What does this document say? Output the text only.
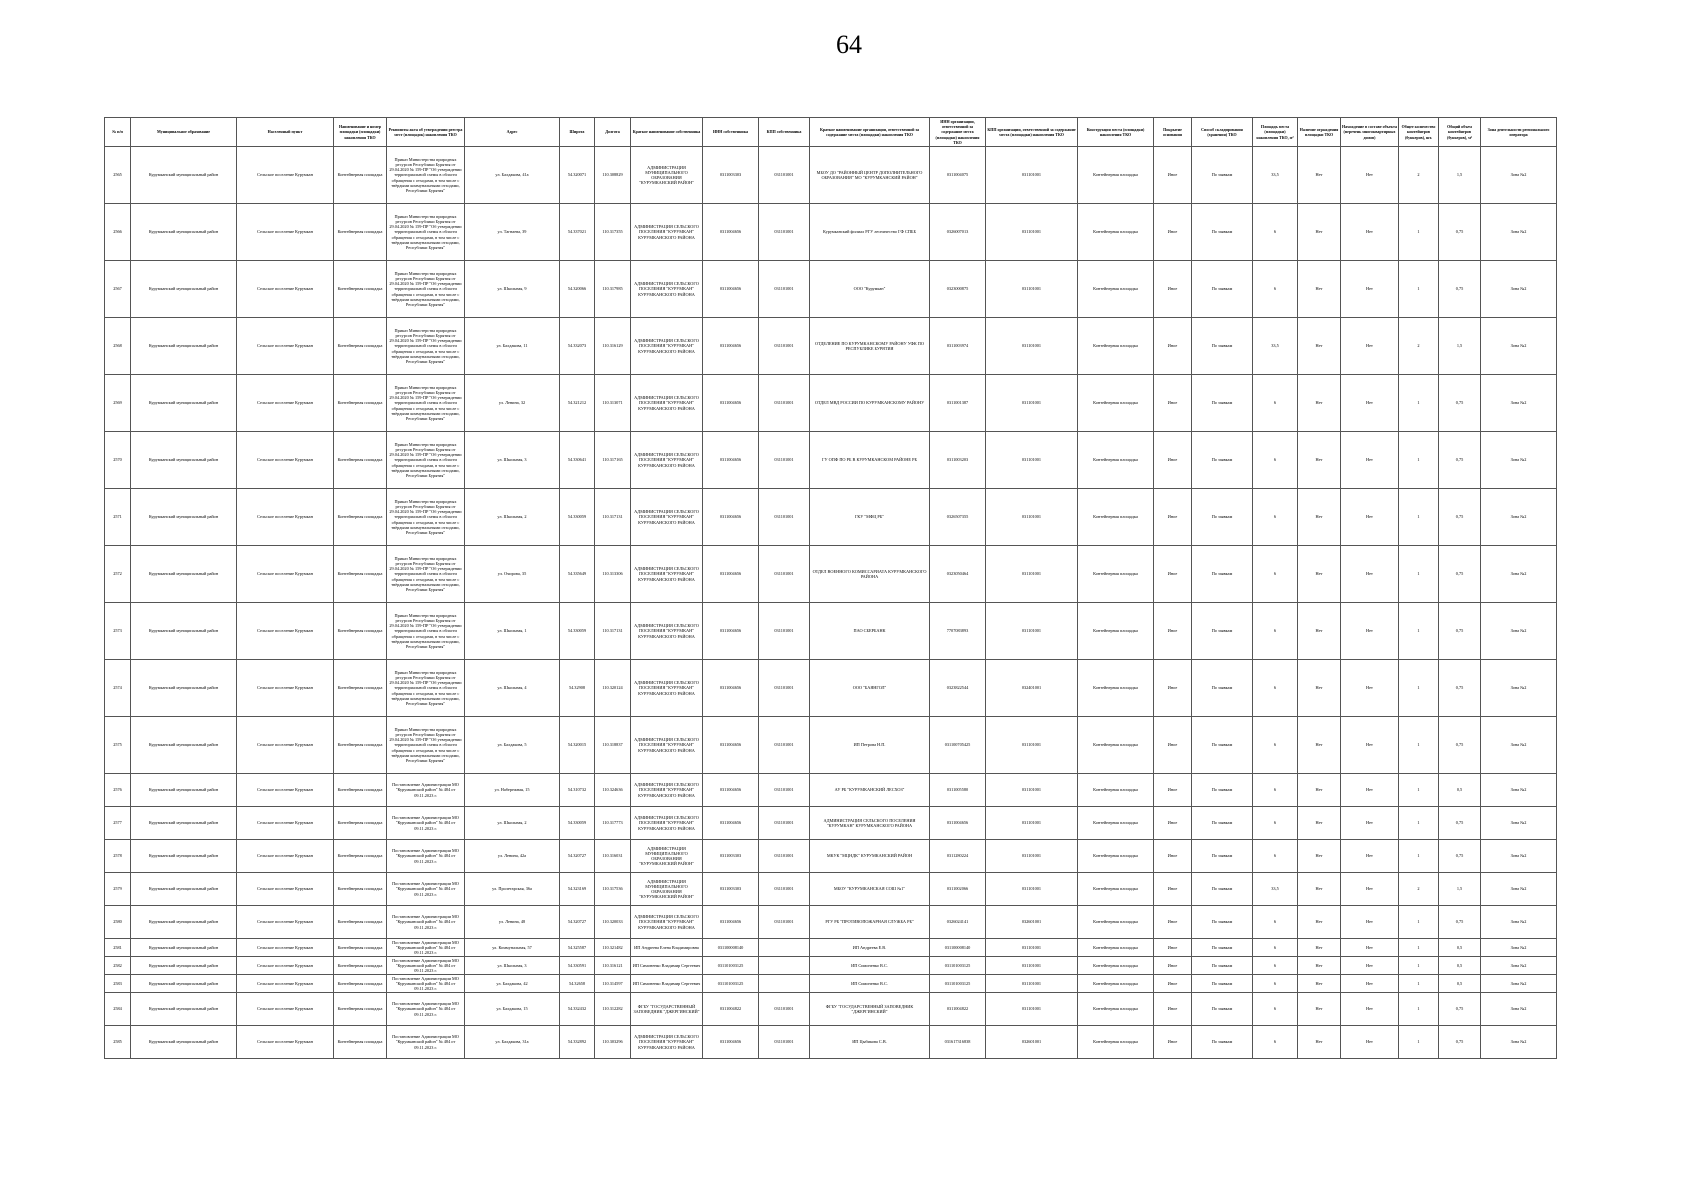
64
№ п/п	Муниципальное образование	Населенный пункт	Наименование и номер площадки (площадки) накопления ТКО	Реквизиты акта об утверждении реестра мест (площадок) накопления ТКО	Адрес	Широта	Долгота	Краткое наименование собственника	ИНН собственника	КПП собственника	Краткое наименование организации, ответственной за содержание места (площадки) накопления ТКО	ИНН организации, ответственной за содержание места (площадки) накопления ТКО	КПП организации, ответственной за содержание места (площадки) накопления ТКО	Конструкция места (площадки) накопления ТКО	Покрытие основания	Способ складирования (хранения) ТКО	Площадь места (площадки) накопления ТКО, м²	Наличие ограждения площадки ТКО	Нахождение в составе объекта (перечень многоквартирных домов)	Общее количество контейнеров (бункеров), шт.	Общий объем контейнеров (бункеров), м³	Зона деятельности регионального оператора
2565	Курумканский муниципальный район	Сельское поселение Курумкан	Контейнерная площадка	Приказ Министерства природных ресурсов Республики Бурятия от 29.04.2020 № 159-ПР "Об утверждении территориальной схемы в области обращения с отходами, в том числе с твёрдыми коммунальными отходами, Республики Бурятия"	ул. Балдакова, 41а	54.320071	110.308829	АДМИНИСТРАЦИЯ МУНИЦИПАЛЬНОГО ОБРАЗОВАНИЯ "КУРУМКАНСКИЙ РАЙОН"	0311003303	031101001	МБОУ ДО "РАЙОННЫЙ ЦЕНТР ДОПОЛНИТЕЛЬНОГО ОБРАЗОВАНИЯ" МО "КУРУМКАНСКИЙ РАЙОН"	0311004075	031101001	Контейнерная площадка	Иное	По заявкам	33,5	Нет	Нет	2	1,5	Зона №2
2566	Курумканский муниципальный район	Сельское поселение Курумкан	Контейнерная площадка	Приказ Министерства природных ресурсов Республики Бурятия от 29.04.2020 № 159-ПР "Об утверждении территориальной схемы в области обращения с отходами, в том числе с твёрдыми коммунальными отходами, Республики Бурятия"	ул. Тагнаева, 39	54.337021	110.317355	АДМИНИСТРАЦИЯ СЕЛЬСКОГО ПОСЕЛЕНИЯ "КУРУМКАН" КУРУМКАНСКОГО РАЙОНА	0311004656	031101001	Курумканский филиал РГУ лесничество ГФ СПББ	0326007013	031101001	Контейнерная площадка	Иное	По заявкам	6	Нет	Нет	1	0,75	Зона №2
2567	Курумканский муниципальный район	Сельское поселение Курумкан	Контейнерная площадка	Приказ Министерства природных ресурсов Республики Бурятия от 29.04.2020 № 159-ПР "Об утверждении территориальной схемы в области обращения с отходами, в том числе с твёрдыми коммунальными отходами, Республики Бурятия"	ул. Школьная, 9	54.320066	110.317985	АДМИНИСТРАЦИЯ СЕЛЬСКОГО ПОСЕЛЕНИЯ "КУРУМКАН" КУРУМКАНСКОГО РАЙОНА	0311004656	031101001	ООО "Курумкан"	0323000875	031101001	Контейнерная площадка	Иное	По заявкам	6	Нет	Нет	1	0,75	Зона №2
2568	Курумканский муниципальный район	Сельское поселение Курумкан	Контейнерная площадка	Приказ Министерства природных ресурсов Республики Бурятия от 29.04.2020 № 159-ПР "Об утверждении территориальной схемы в области обращения с отходами, в том числе с твёрдыми коммунальными отходами, Республики Бурятия"	ул. Балдакова, 11	54.332073	110.316129	АДМИНИСТРАЦИЯ СЕЛЬСКОГО ПОСЕЛЕНИЯ "КУРУМКАН" КУРУМКАНСКОГО РАЙОНА	0311004656	031101001	ОТДЕЛЕНИЕ ПО КУРУМКАНСКОМУ РАЙОНУ УФК ПО РЕСПУБЛИКЕ БУРЯТИЯ	0311003974	031101001	Контейнерная площадка	Иное	По заявкам	33,5	Нет	Нет	2	1,5	Зона №2
2569	Курумканский муниципальный район	Сельское поселение Курумкан	Контейнерная площадка	Приказ Министерства природных ресурсов Республики Бурятия от 29.04.2020 № 159-ПР "Об утверждении территориальной схемы в области обращения с отходами, в том числе с твёрдыми коммунальными отходами, Республики Бурятия"	ул. Ленина, 32	54.321212	110.313071	АДМИНИСТРАЦИЯ СЕЛЬСКОГО ПОСЕЛЕНИЯ "КУРУМКАН" КУРУМКАНСКОГО РАЙОНА	0311004656	031101001	ОТДЕЛ МВД РОССИИ ПО КУРУМКАНСКОМУ РАЙОНУ	0311001387	031101001	Контейнерная площадка	Иное	По заявкам	6	Нет	Нет	1	0,75	Зона №2
2570	Курумканский муниципальный район	Сельское поселение Курумкан	Контейнерная площадка	Приказ Министерства природных ресурсов Республики Бурятия от 29.04.2020 № 159-ПР "Об утверждении территориальной схемы в области обращения с отходами, в том числе с твёрдыми коммунальными отходами, Республики Бурятия"	ул. Школьная, 3	54.330641	110.317165	АДМИНИСТРАЦИЯ СЕЛЬСКОГО ПОСЕЛЕНИЯ "КУРУМКАН" КУРУМКАНСКОГО РАЙОНА	0311004656	031101001	ГУ ОПФ ПО РБ В КУРУМКАНСКОМ РАЙОНЕ РБ	0311003203	031101001	Контейнерная площадка	Иное	По заявкам	6	Нет	Нет	1	0,75	Зона №2
2571	Курумканский муниципальный район	Сельское поселение Курумкан	Контейнерная площадка	Приказ Министерства природных ресурсов Республики Бурятия от 29.04.2020 № 159-ПР "Об утверждении территориальной схемы в области обращения с отходами, в том числе с твёрдыми коммунальными отходами, Республики Бурятия"	ул. Школьная, 2	54.330059	110.317131	АДМИНИСТРАЦИЯ СЕЛЬСКОГО ПОСЕЛЕНИЯ "КУРУМКАН" КУРУМКАНСКОГО РАЙОНА	0311004656	031101001	ГКУ "МФЦ РБ"	0326507355	031101001	Контейнерная площадка	Иное	По заявкам	6	Нет	Нет	1	0,75	Зона №2
2572	Курумканский муниципальный район	Сельское поселение Курумкан	Контейнерная площадка	Приказ Министерства природных ресурсов Республики Бурятия от 29.04.2020 № 159-ПР "Об утверждении территориальной схемы в области обращения с отходами, в том числе с твёрдыми коммунальными отходами, Республики Бурятия"	ул. Очирова, 35	54.335649	110.313306	АДМИНИСТРАЦИЯ СЕЛЬСКОГО ПОСЕЛЕНИЯ "КУРУМКАН" КУРУМКАНСКОГО РАЙОНА	0311004656	031101001	ОТДЕЛ ВОЕННОГО КОМИССАРИАТА КУРУМКАНСКОГО РАЙОНА	0323050464	031101001	Контейнерная площадка	Иное	По заявкам	6	Нет	Нет	1	0,75	Зона №2
2573	Курумканский муниципальный район	Сельское поселение Курумкан	Контейнерная площадка	Приказ Министерства природных ресурсов Республики Бурятия от 29.04.2020 № 159-ПР "Об утверждении территориальной схемы в области обращения с отходами, в том числе с твёрдыми коммунальными отходами, Республики Бурятия"	ул. Школьная, 1	54.330059	110.317131	АДМИНИСТРАЦИЯ СЕЛЬСКОГО ПОСЕЛЕНИЯ "КУРУМКАН" КУРУМКАНСКОГО РАЙОНА	0311004656	031101001	ПАО СБЕРБАНК	7707083893	031101001	Контейнерная площадка	Иное	По заявкам	6	Нет	Нет	1	0,75	Зона №2
2574	Курумканский муниципальный район	Сельское поселение Курумкан	Контейнерная площадка	Приказ Министерства природных ресурсов Республики Бурятия от 29.04.2020 № 159-ПР "Об утверждении территориальной схемы в области обращения с отходами, в том числе с твёрдыми коммунальными отходами, Республики Бурятия"	ул. Школьная, 4	54.32908	110.320124	АДМИНИСТРАЦИЯ СЕЛЬСКОГО ПОСЕЛЕНИЯ "КУРУМКАН" КУРУМКАНСКОГО РАЙОНА	0311004656	031101001	ООО "БАЯНГОЛ"	0323822544	032401001	Контейнерная площадка	Иное	По заявкам	6	Нет	Нет	1	0,75	Зона №2
2575	Курумканский муниципальный район	Сельское поселение Курумкан	Контейнерная площадка	Приказ Министерства природных ресурсов Республики Бурятия от 29.04.2020 № 159-ПР "Об утверждении территориальной схемы в области обращения с отходами, в том числе с твёрдыми коммунальными отходами, Республики Бурятия"	ул. Балдакова, 5	54.320015	110.318837	АДМИНИСТРАЦИЯ СЕЛЬСКОГО ПОСЕЛЕНИЯ "КУРУМКАН" КУРУМКАНСКОГО РАЙОНА	0311004656	031101001	ИП Петрова Н.П.	031100705425	031101001	Контейнерная площадка	Иное	По заявкам	6	Нет	Нет	1	0,75	Зона №2
2576	Курумканский муниципальный район	Сельское поселение Курумкан	Контейнерная площадка	Постановление Администрации МО "Курумканский район" № 484 от 09.11.2023 г.	ул. Набережная, 15	54.310732	110.324636	АДМИНИСТРАЦИЯ СЕЛЬСКОГО ПОСЕЛЕНИЯ "КУРУМКАН" КУРУМКАНСКОГО РАЙОНА	0311004656	031101001	АУ РБ "КУРУМКАНСКИЙ ЛЕСХОЗ"	0311005580	031101001	Контейнерная площадка	Иное	По заявкам	6	Нет	Нет	1	0,5	Зона №2
2577	Курумканский муниципальный район	Сельское поселение Курумкан	Контейнерная площадка	Постановление Администрации МО "Курумканский район" № 484 от 09.11.2023 г.	ул. Школьная, 2	54.330059	110.317773	АДМИНИСТРАЦИЯ СЕЛЬСКОГО ПОСЕЛЕНИЯ "КУРУМКАН" КУРУМКАНСКОГО РАЙОНА	0311004656	031101001	АДМИНИСТРАЦИЯ СЕЛЬСКОГО ПОСЕЛЕНИЯ "КУРУМКАН" КУРУМКАНСКОГО РАЙОНА	0311004656	031101001	Контейнерная площадка	Иное	По заявкам	6	Нет	Нет	1	0,75	Зона №2
2578	Курумканский муниципальный район	Сельское поселение Курумкан	Контейнерная площадка	Постановление Администрации МО "Курумканский район" № 484 от 09.11.2023 г.	ул. Ленина, 42а	54.320727	110.316031	АДМИНИСТРАЦИЯ МУНИЦИПАЛЬНОГО ОБРАЗОВАНИЯ "КУРУМКАНСКИЙ РАЙОН"	0311003303	031101001	МКУК "МЦНДК" КУРУМКАНСКИЙ РАЙОН	0311280224	031101001	Контейнерная площадка	Иное	По заявкам	6	Нет	Нет	1	0,75	Зона №2
2579	Курумканский муниципальный район	Сельское поселение Курумкан	Контейнерная площадка	Постановление Администрации МО "Курумканский район" № 484 от 09.11.2023 г.	ул. Пролетарская, 36а	54.323169	110.317536	АДМИНИСТРАЦИЯ МУНИЦИПАЛЬНОГО ОБРАЗОВАНИЯ "КУРУМКАНСКИЙ РАЙОН"	0311003303	031101001	МБОУ "КУРУМКАНСКАЯ СОШ №1"	0311002066	031101001	Контейнерная площадка	Иное	По заявкам	33,5	Нет	Нет	2	1,5	Зона №2
2580	Курумканский муниципальный район	Сельское поселение Курумкан	Контейнерная площадка	Постановление Администрации МО "Курумканский район" № 484 от 09.11.2023 г.	ул. Ленина, 48	54.320727	110.320033	АДМИНИСТРАЦИЯ СЕЛЬСКОГО ПОСЕЛЕНИЯ "КУРУМКАН" КУРУМКАНСКОГО РАЙОНА	0311004656	031101001	РГУ РБ "ПРОТИВОПОЖАРНАЯ СЛУЖБА РБ"	0326024141	032601001	Контейнерная площадка	Иное	По заявкам	6	Нет	Нет	1	0,75	Зона №2
2581	Курумканский муниципальный район	Сельское поселение Курумкан	Контейнерная площадка	Постановление Администрации МО "Курумканский район" № 484 от 09.11.2023 г.	ул. Коммунальная, 57	54.325587	110.321482	ИП Андреева Елена Владимировна	031100008140		ИП Андреева Е.В.	031100008140	031101001	Контейнерная площадка	Иное	По заявкам	6	Нет	Нет	1	0,5	Зона №2
2582	Курумканский муниципальный район	Сельское поселение Курумкан	Контейнерная площадка	Постановление Администрации МО "Курумканский район" № 484 от 09.11.2023 г.	ул. Школьная, 3	54.330591	110.316121	ИП Симоненко Владимир Сергеевич	031101003125		ИП Симоненко В.С.	031101003125	031101001	Контейнерная площадка	Иное	По заявкам	6	Нет	Нет	1	0,5	Зона №2
2583	Курумканский муниципальный район	Сельское поселение Курумкан	Контейнерная площадка	Постановление Администрации МО "Курумканский район" № 484 от 09.11.2023 г.	ул. Балдакова, 42	54.32658	110.314597	ИП Симоненко Владимир Сергеевич	031101003125		ИП Симоненко В.С.	031101003125	031101001	Контейнерная площадка	Иное	По заявкам	6	Нет	Нет	1	0,5	Зона №2
2584	Курумканский муниципальный район	Сельское поселение Курумкан	Контейнерная площадка	Постановление Администрации МО "Курумканский район" № 484 от 09.11.2023 г.	ул. Балдакова, 15	54.332432	110.312282	ФГБУ "ГОСУДАРСТВЕННЫЙ ЗАПОВЕДНИК "ДЖЕРГИНСКИЙ"	0311004822	031101001	ФГБУ "ГОСУДАРСТВЕННЫЙ ЗАПОВЕДНИК "ДЖЕРГИНСКИЙ"	0311004822	031101001	Контейнерная площадка	Иное	По заявкам	6	Нет	Нет	1	0,75	Зона №2
2585	Курумканский муниципальный район	Сельское поселение Курумкан	Контейнерная площадка	Постановление Администрации МО "Курумканский район" № 484 от 09.11.2023 г.	ул. Балдакова, 31а	54.332892	110.303296	АДМИНИСТРАЦИЯ СЕЛЬСКОГО ПОСЕЛЕНИЯ "КУРУМКАН" КУРУМКАНСКОГО РАЙОНА	0311004656	031101001	ИП Цыбикова С.В.	031617316838	032601001	Контейнерная площадка	Иное	По заявкам	6	Нет	Нет	1	0,75	Зона №2
